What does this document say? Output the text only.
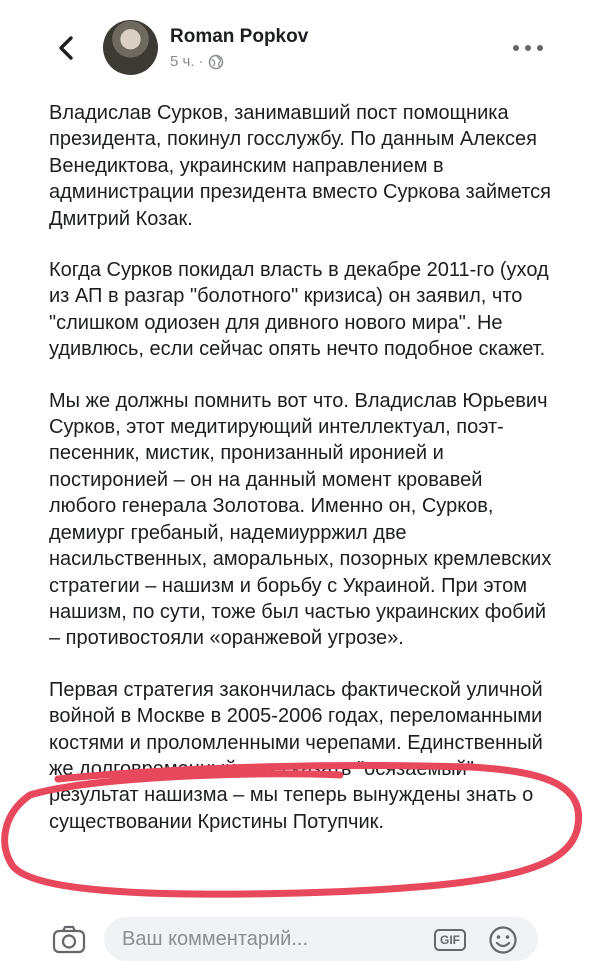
Roman Popkov
5 ч. ·

Владислав Сурков, занимавший пост помощника президента, покинул госслужбу. По данным Алексея Венедиктова, украинским направлением в администрации президента вместо Суркова займется Дмитрий Козак.

Когда Сурков покидал власть в декабре 2011-го (уход из АП в разгар "болотного" кризиса) он заявил, что "слишком одиозен для дивного нового мира". Не удивлюсь, если сейчас опять нечто подобное скажет.

Мы же должны помнить вот что. Владислав Юрьевич Сурков, этот медитирующий интеллектуал, поэт-песенник, мистик, пронизанный иронией и постиронией – он на данный момент кровавей любого генерала Золотова. Именно он, Сурков, демиург гребаный, надемиурржил две насильственных, аморальных, позорных кремлевских стратегии – нашизм и борьбу с Украиной. При этом нашизм, по сути, тоже был частью украинских фобий – противостояли «оранжевой угрозе».

Первая стратегия закончилась фактической уличной войной в Москве в 2005-2006 годах, переломанными костями и проломленными черепами. Единственный же долговременный, так сказать "осязаемый" результат нашизма – мы теперь вынуждены знать о существовании Кристины Потупчик.

Ваш комментарий...
GIF
